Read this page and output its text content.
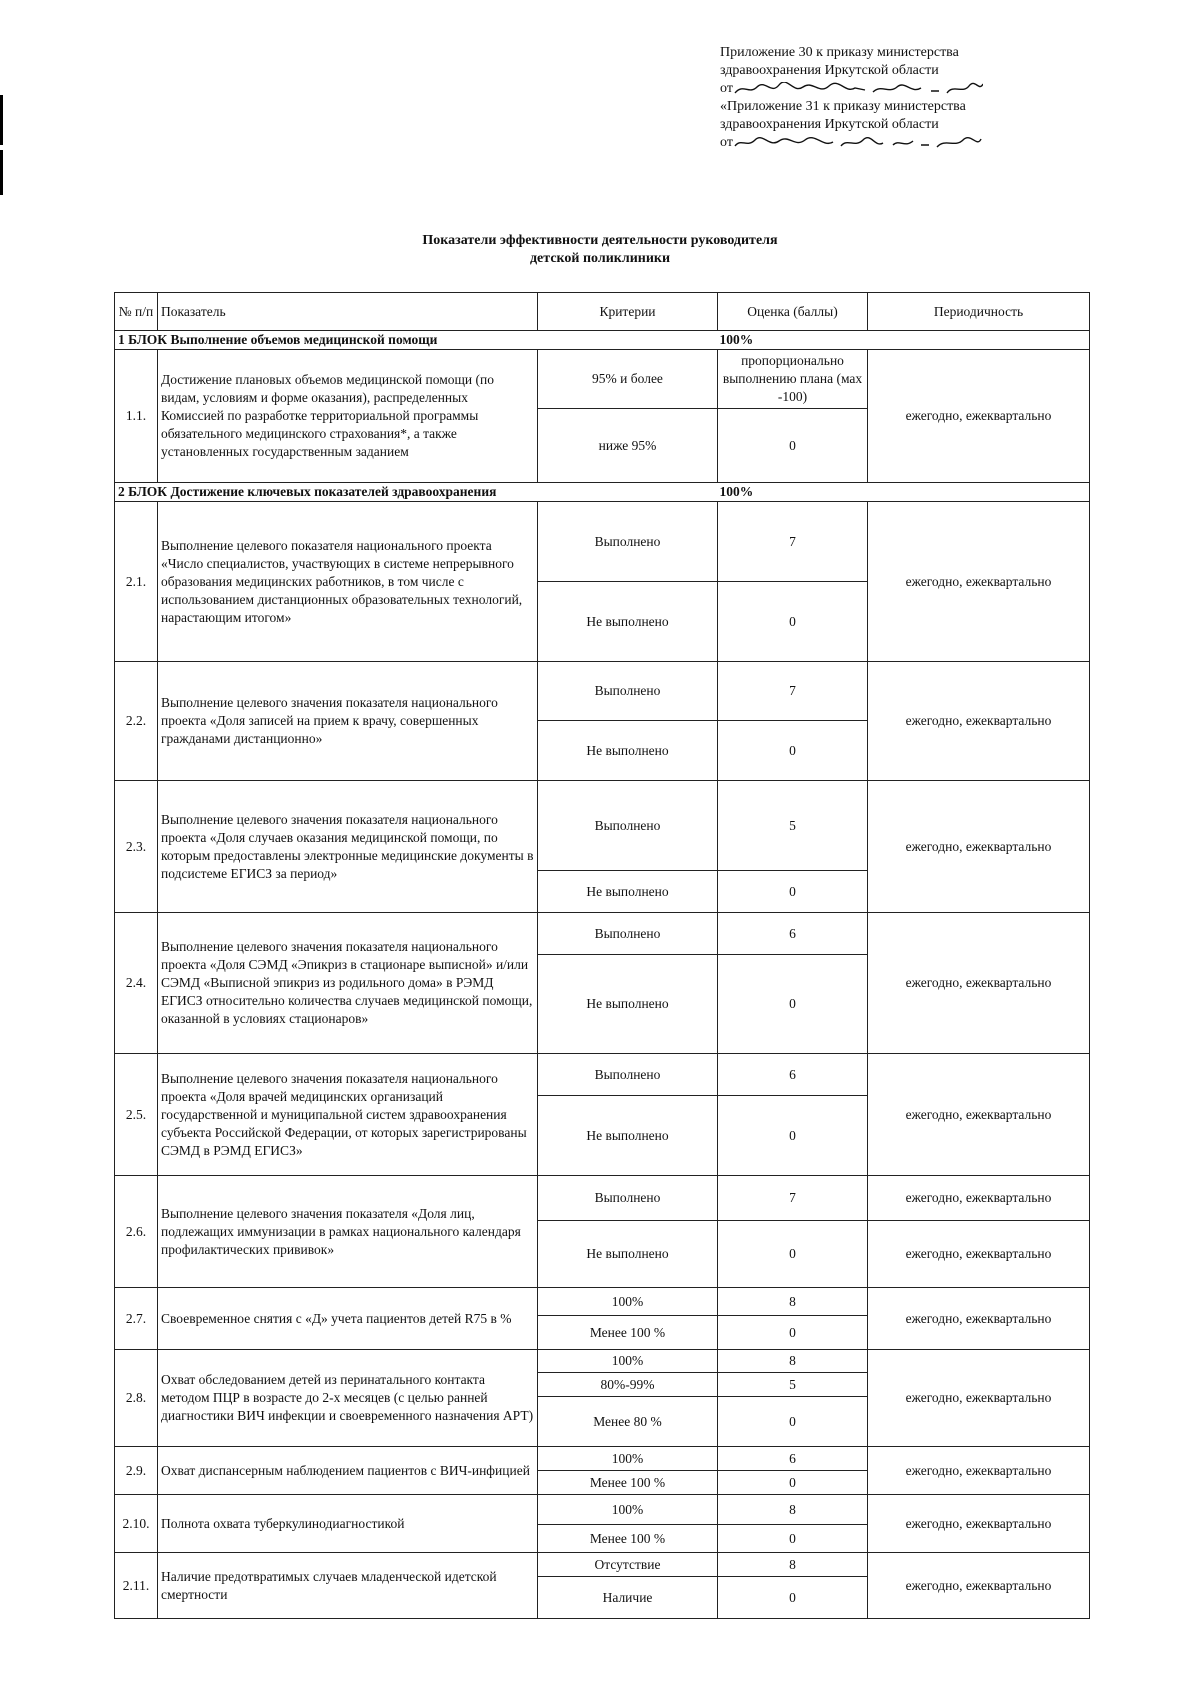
Приложение 30 к приказу министерства
здравоохранения Иркутской области
от
«Приложение 31 к приказу министерства
здравоохранения Иркутской области
от
Показатели эффективности деятельности руководителя
детской поликлиники
№ п/п	Показатель	Критерии	Оценка (баллы)	Периодичность
1 БЛОК Выполнение объемов медицинской помощи			100%	
1.1.	Достижение плановых объемов медицинской помощи (по видам, условиям и форме оказания), распределенных Комиссией по разработке территориальной программы обязательного медицинского страхования*, а также установленных государственным заданием	95% и более	пропорционально выполнению плана (мах -100)	ежегодно, ежеквартально
		ниже 95%	0	
2 БЛОК Достижение ключевых показателей здравоохранения			100%	
2.1.	Выполнение целевого показателя национального проекта «Число специалистов, участвующих в системе непрерывного образования медицинских работников, в том числе с использованием дистанционных образовательных технологий, нарастающим итогом»	Выполнено	7	ежегодно, ежеквартально
		Не выполнено	0	
2.2.	Выполнение целевого значения показателя национального проекта «Доля записей на прием к врачу, совершенных гражданами дистанционно»	Выполнено	7	ежегодно, ежеквартально
		Не выполнено	0	
2.3.	Выполнение целевого значения показателя национального проекта «Доля случаев оказания медицинской помощи, по которым предоставлены электронные медицинские документы в подсистеме ЕГИСЗ за период»	Выполнено	5	ежегодно, ежеквартально
		Не выполнено	0	
2.4.	Выполнение целевого значения показателя национального проекта «Доля СЭМД «Эпикриз в стационаре выписной» и/или СЭМД «Выписной эпикриз из родильного дома» в РЭМД ЕГИСЗ относительно количества случаев медицинской помощи, оказанной в условиях стационаров»	Выполнено	6	ежегодно, ежеквартально
		Не выполнено	0	
2.5.	Выполнение целевого значения показателя национального проекта «Доля врачей медицинских организаций государственной и муниципальной систем здравоохранения субъекта Российской Федерации, от которых зарегистрированы СЭМД в РЭМД ЕГИСЗ»	Выполнено	6	ежегодно, ежеквартально
		Не выполнено	0	
2.6.	Выполнение целевого значения показателя «Доля лиц, подлежащих иммунизации в рамках национального календаря профилактических прививок»	Выполнено	7	ежегодно, ежеквартально
		Не выполнено	0	ежегодно, ежеквартально
2.7.	Своевременное снятия с «Д» учета пациентов детей R75 в %	100%	8	ежегодно, ежеквартально
		Менее 100 %	0	
2.8.	Охват обследованием детей из перинатального контакта методом ПЦР в возрасте до 2-х месяцев (с целью ранней диагностики ВИЧ инфекции и своевременного назначения АРТ)	100%	8	ежегодно, ежеквартально
		80%-99%	5	
		Менее 80 %	0	
2.9.	Охват диспансерным наблюдением пациентов с ВИЧ-инфицией	100%	6	ежегодно, ежеквартально
		Менее 100 %	0	
2.10.	Полнота охвата туберкулинодиагностикой	100%	8	ежегодно, ежеквартально
		Менее 100 %	0	
2.11.	Наличие предотвратимых случаев младенческой идетской смертности	Отсутствие	8	ежегодно, ежеквартально
		Наличие	0	
